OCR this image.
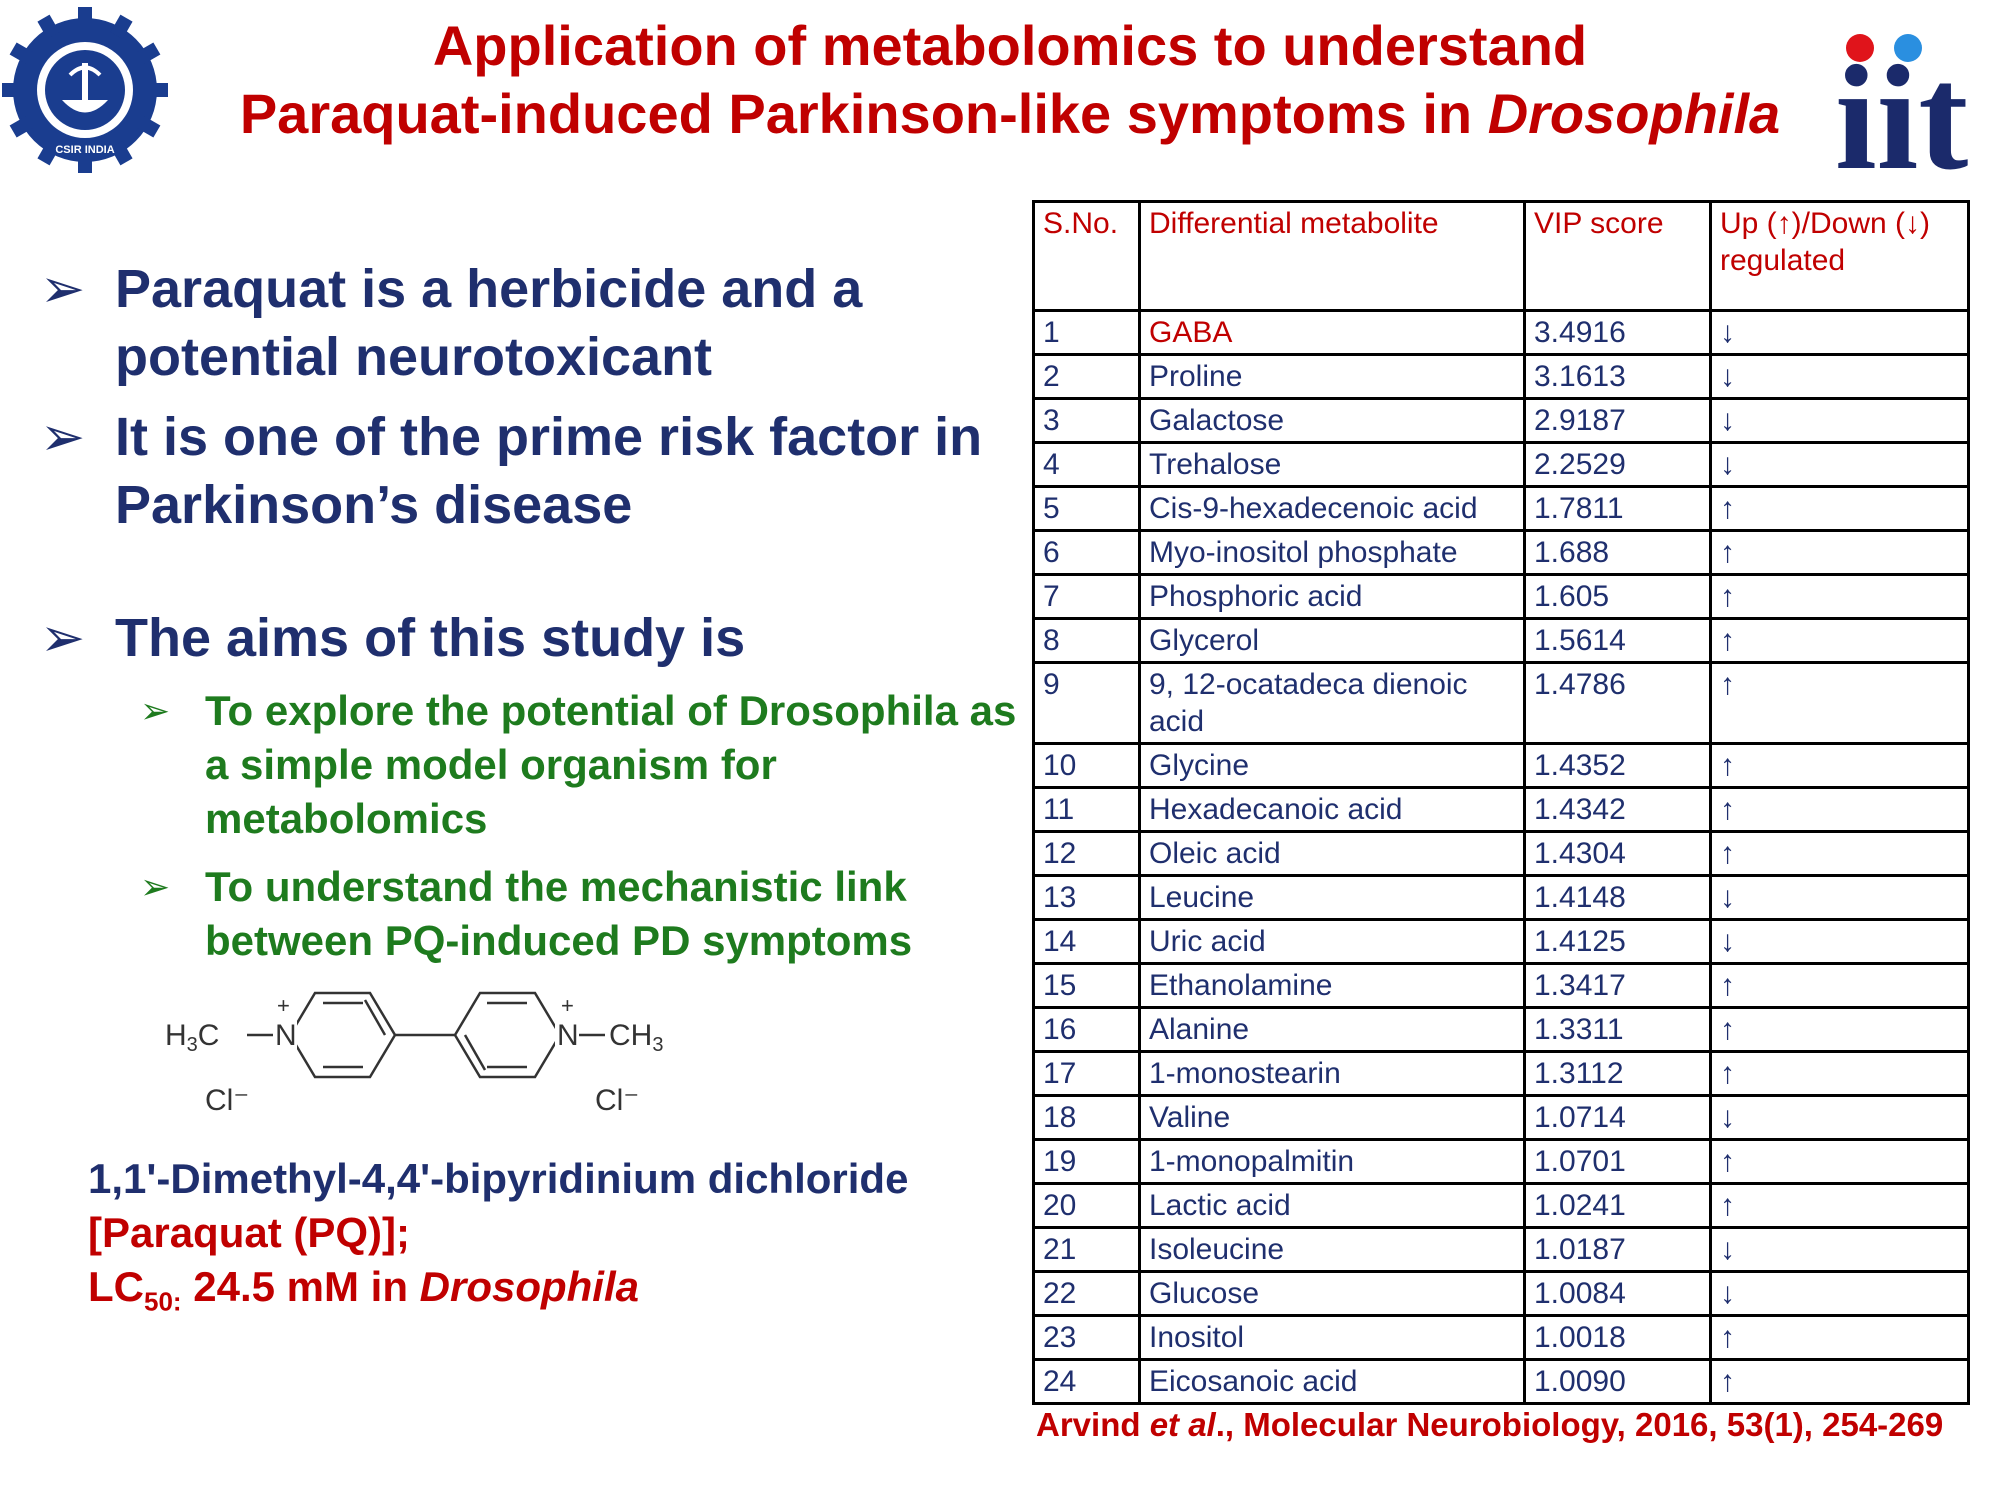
CSIR INDIA	iit
Application of metabolomics to understand
Paraquat-induced Parkinson-like symptoms in Drosophila
➢ Paraquat is a herbicide and a potential neurotoxicant
➢ It is one of the prime risk factor in Parkinson’s disease
➢ The aims of this study is
➢ To explore the potential of Drosophila as a simple model organism for metabolomics
➢ To understand the mechanistic link between PQ-induced PD symptoms
$H_3C$ N
+
N
+
$CH_3$
Cl⁻	Cl⁻
1,1'-Dimethyl-4,4'-bipyridinium dichloride
[Paraquat (PQ)];
$LC_{50:}$ 24.5 mM in Drosophila
S.No.	Differential metabolite	VIP score	Up (↑)/Down (↓) regulated
1	GABA	3.4916	↓
2	Proline	3.1613	↓
3	Galactose	2.9187	↓
4	Trehalose	2.2529	↓
5	Cis-9-hexadecenoic acid	1.7811	↑
6	Myo-inositol phosphate	1.688	↑
7	Phosphoric acid	1.605	↑
8	Glycerol	1.5614	↑
9	9, 12-ocatadeca dienoic acid	1.4786	↑
10	Glycine	1.4352	↑
11	Hexadecanoic acid	1.4342	↑
12	Oleic acid	1.4304	↑
13	Leucine	1.4148	↓
14	Uric acid	1.4125	↓
15	Ethanolamine	1.3417	↑
16	Alanine	1.3311	↑
17	1-monostearin	1.3112	↑
18	Valine	1.0714	↓
19	1-monopalmitin	1.0701	↑
20	Lactic acid	1.0241	↑
21	Isoleucine	1.0187	↓
22	Glucose	1.0084	↓
23	Inositol	1.0018	↑
24	Eicosanoic acid	1.0090	↑
Arvind et al., Molecular Neurobiology, 2016, 53(1), 254-269
